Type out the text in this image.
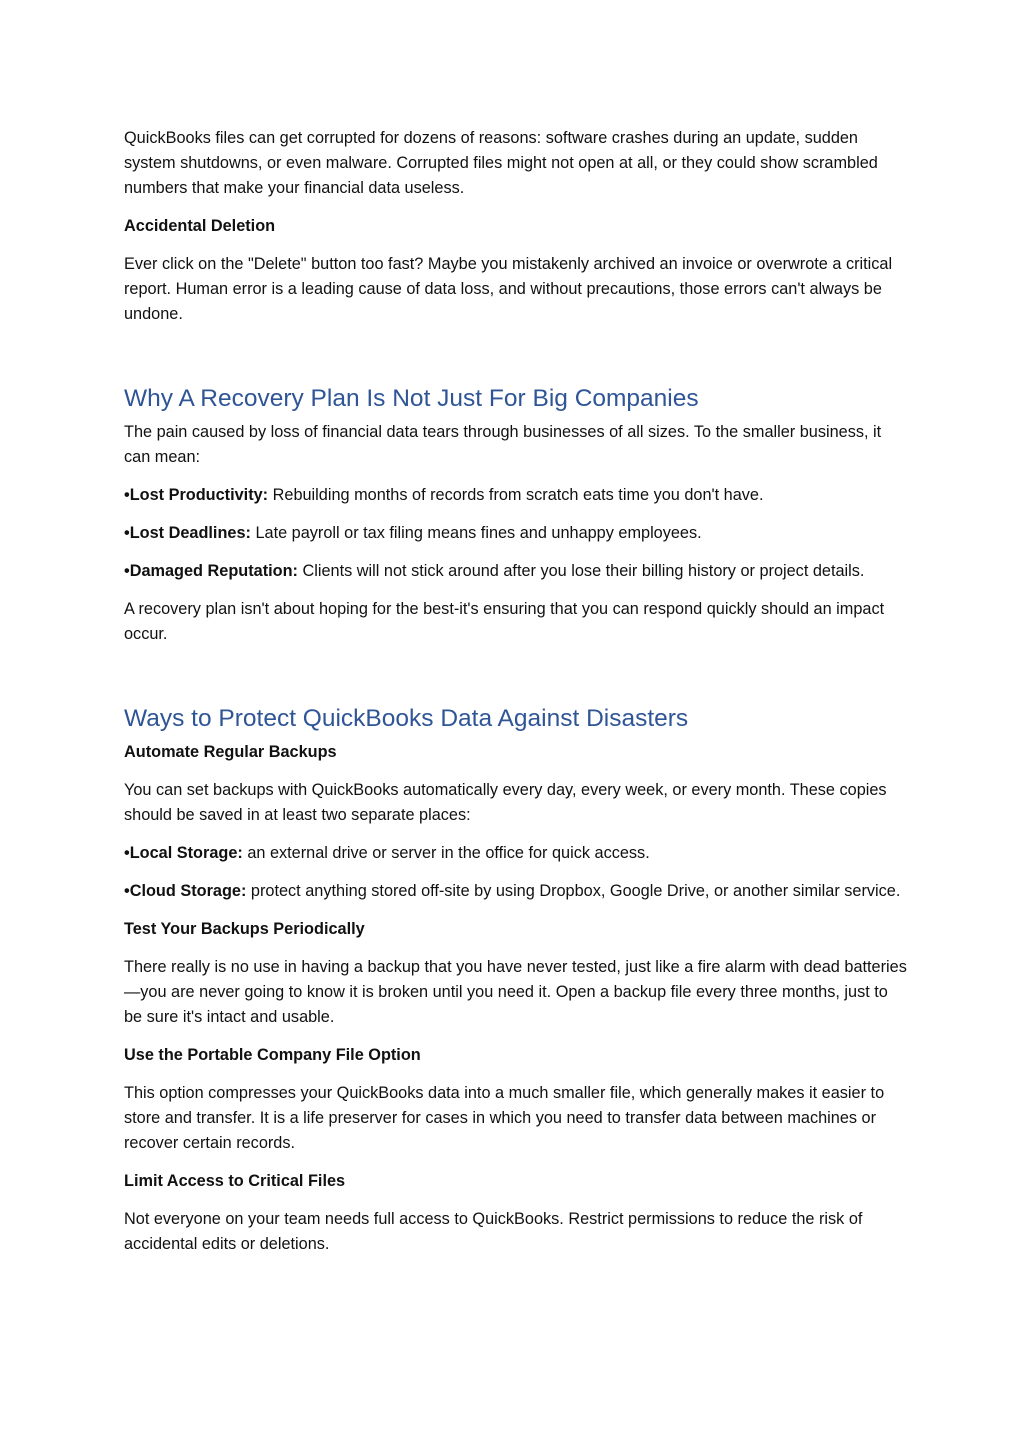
QuickBooks files can get corrupted for dozens of reasons: software crashes during an update, sudden system shutdowns, or even malware. Corrupted files might not open at all, or they could show scrambled numbers that make your financial data useless.

Accidental Deletion

Ever click on the "Delete" button too fast? Maybe you mistakenly archived an invoice or overwrote a critical report. Human error is a leading cause of data loss, and without precautions, those errors can't always be undone.

Why A Recovery Plan Is Not Just For Big Companies

The pain caused by loss of financial data tears through businesses of all sizes. To the smaller business, it can mean:

•Lost Productivity: Rebuilding months of records from scratch eats time you don't have.

•Lost Deadlines: Late payroll or tax filing means fines and unhappy employees.

•Damaged Reputation: Clients will not stick around after you lose their billing history or project details.

A recovery plan isn't about hoping for the best-it's ensuring that you can respond quickly should an impact occur.

Ways to Protect QuickBooks Data Against Disasters

Automate Regular Backups

You can set backups with QuickBooks automatically every day, every week, or every month. These copies should be saved in at least two separate places:

•Local Storage: an external drive or server in the office for quick access.

•Cloud Storage: protect anything stored off-site by using Dropbox, Google Drive, or another similar service.

Test Your Backups Periodically

There really is no use in having a backup that you have never tested, just like a fire alarm with dead batteries—you are never going to know it is broken until you need it. Open a backup file every three months, just to be sure it's intact and usable.

Use the Portable Company File Option

This option compresses your QuickBooks data into a much smaller file, which generally makes it easier to store and transfer. It is a life preserver for cases in which you need to transfer data between machines or recover certain records.

Limit Access to Critical Files

Not everyone on your team needs full access to QuickBooks. Restrict permissions to reduce the risk of accidental edits or deletions.
